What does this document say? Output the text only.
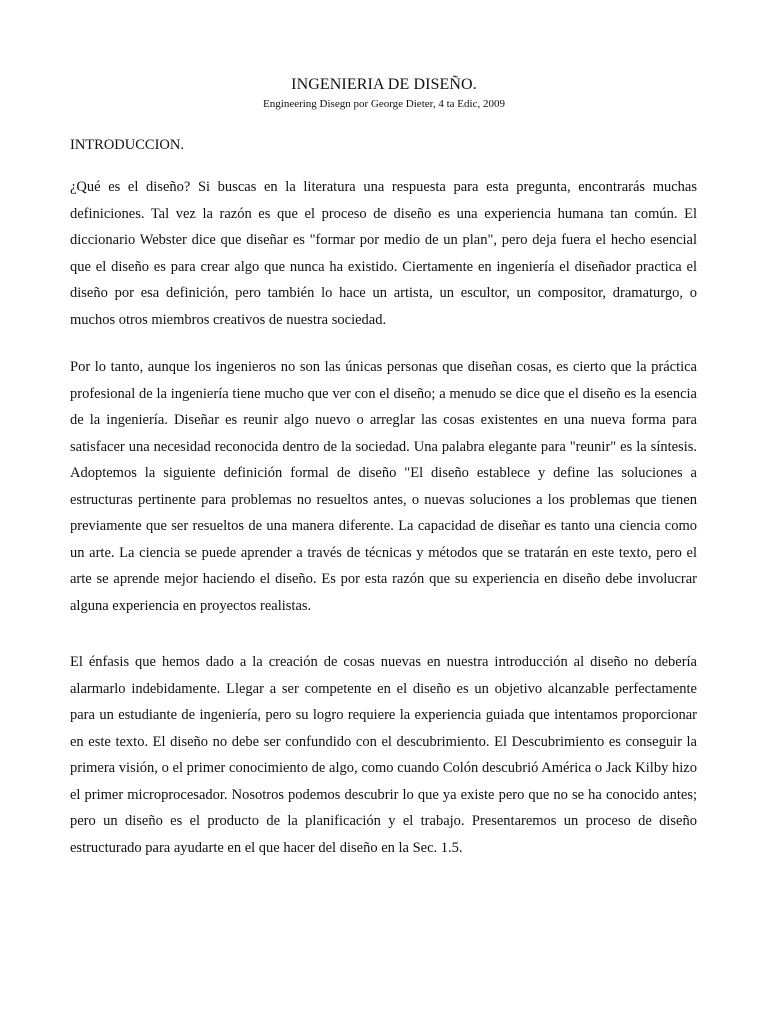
INGENIERIA DE DISEÑO.
Engineering Disegn por George Dieter, 4 ta Edic, 2009
INTRODUCCION.

¿Qué es el diseño? Si buscas en la literatura una respuesta para esta pregunta, encontrarás muchas definiciones. Tal vez la razón es que el proceso de diseño es una experiencia humana tan común. El diccionario Webster dice que diseñar es "formar por medio de un plan", pero deja fuera el hecho esencial que el diseño es para crear algo que nunca ha existido. Ciertamente en ingeniería el diseñador practica el diseño por esa definición, pero también lo hace un artista, un escultor, un compositor, dramaturgo, o muchos otros miembros creativos de nuestra sociedad.

Por lo tanto, aunque los ingenieros no son las únicas personas que diseñan cosas, es cierto que la práctica profesional de la ingeniería tiene mucho que ver con el diseño; a menudo se dice que el diseño es la esencia de la ingeniería. Diseñar es reunir algo nuevo o arreglar las cosas existentes en una nueva forma para satisfacer una necesidad reconocida dentro de la sociedad. Una palabra elegante para "reunir" es la síntesis. Adoptemos la siguiente definición formal de diseño "El diseño establece y define las soluciones a estructuras pertinente para problemas no resueltos antes, o nuevas soluciones a los problemas que tienen previamente que ser resueltos de una manera diferente. La capacidad de diseñar es tanto una ciencia como un arte. La ciencia se puede aprender a través de técnicas y métodos que se tratarán en este texto, pero el arte se aprende mejor haciendo el diseño. Es por esta razón que su experiencia en diseño debe involucrar alguna experiencia en proyectos realistas.

El énfasis que hemos dado a la creación de cosas nuevas en nuestra introducción al diseño no debería alarmarlo indebidamente. Llegar a ser competente en el diseño es un objetivo alcanzable perfectamente para un estudiante de ingeniería, pero su logro requiere la experiencia guiada que intentamos proporcionar en este texto. El diseño no debe ser confundido con el descubrimiento. El Descubrimiento es conseguir la primera visión, o el primer conocimiento de algo, como cuando Colón descubrió América o Jack Kilby hizo el primer microprocesador. Nosotros podemos descubrir lo que ya existe pero que no se ha conocido antes; pero un diseño es el producto de la planificación y el trabajo. Presentaremos un proceso de diseño estructurado para ayudarte en el que hacer del diseño en la Sec. 1.5.
